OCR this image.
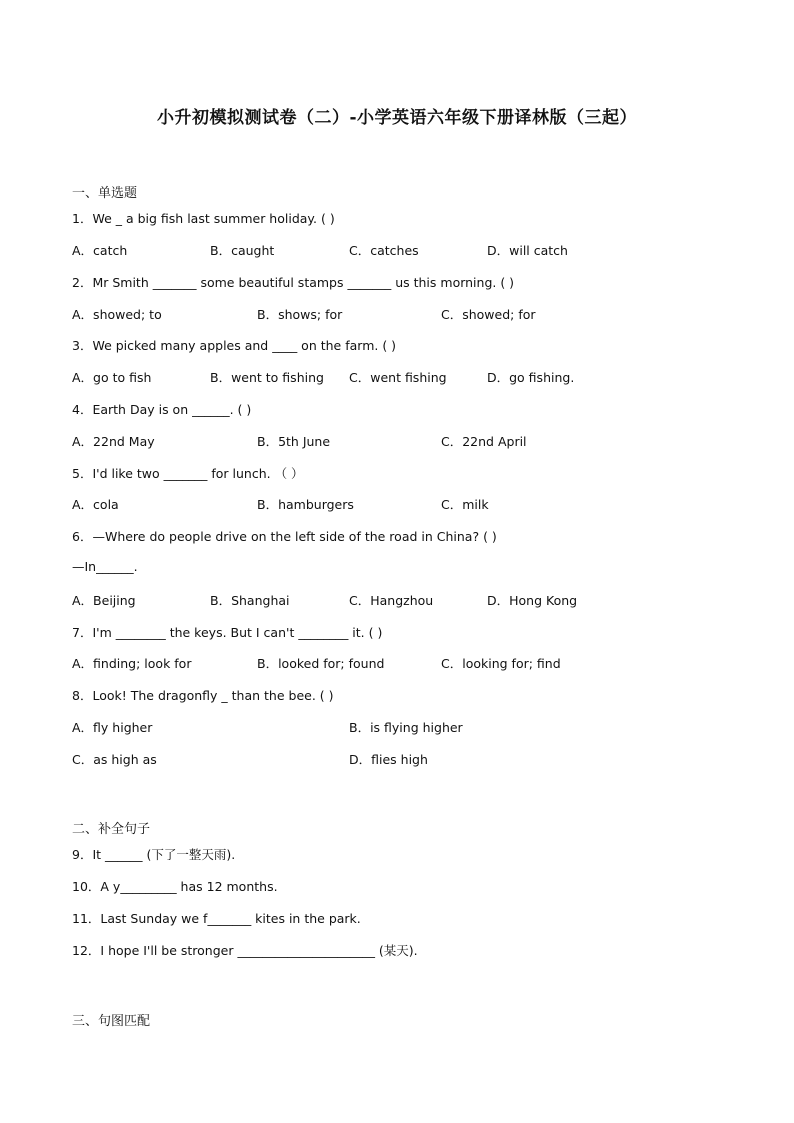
小升初模拟测试卷（二）-小学英语六年级下册译林版（三起）
一、单选题
1．We _ a big fish last summer holiday. ( )
A．catch	B．caught	C．catches	D．will catch
2．Mr Smith _______ some beautiful stamps _______ us this morning. ( )
A．showed; to	B．shows; for	C．showed; for
3．We picked many apples and ____ on the farm. ( )
A．go to fish	B．went to fishing C．went fishing	D．go fishing.
4．Earth Day is on ______. ( )
A．22nd May	B．5th June	C．22nd April
5．I'd like two _______ for lunch. （ ）
A．cola	B．hamburgers	C．milk
6．—Where do people drive on the left side of the road in China? ( )
—In______.
A．Beijing	B．Shanghai	C．Hangzhou	D．Hong Kong
7．I'm ________ the keys. But I can't ________ it. ( )
A．finding; look for	B．looked for; found	C．looking for; find
8．Look! The dragonfly _ than the bee. ( )
A．fly higher	B．is flying higher
C．as high as	D．flies high
二、补全句子
9．It ______ (下了一整天雨).
10．A y_________ has 12 months.
11．Last Sunday we f_______ kites in the park.
12．I hope I'll be stronger ______________________ (某天).
三、句图匹配
